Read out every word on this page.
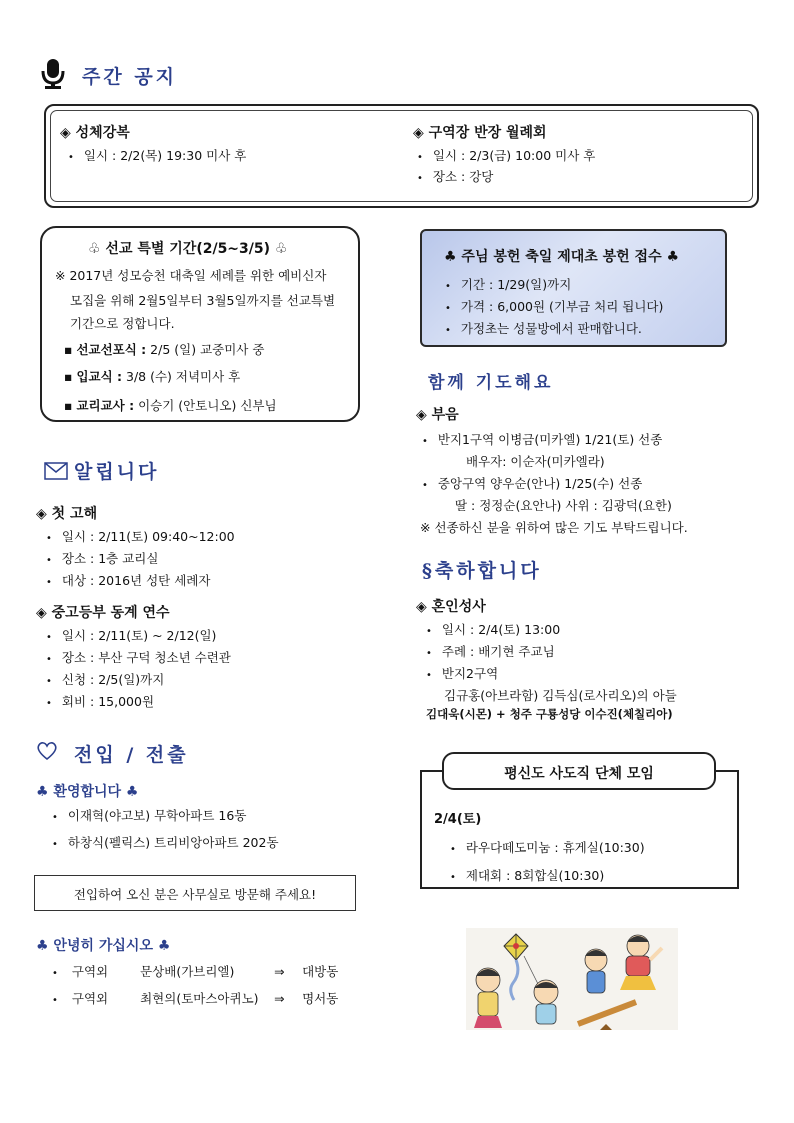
주간 공지
◈ 성체강복
• 일시 : 2/2(목) 19:30 미사 후
◈ 구역장 반장 월례회
• 일시 : 2/3(금) 10:00 미사 후
• 장소 : 강당
♧ 선교 특별 기간(2/5~3/5) ♧
※ 2017년 성모승천 대축일 세례를 위한 예비신자
모집을 위해 2월5일부터 3월5일까지를 선교특별
기간으로 정합니다.
▪ 선교선포식 : 2/5 (일) 교중미사 중
▪ 입교식 : 3/8 (수) 저녁미사 후
▪ 교리교사 : 이승기 (안토니오) 신부님
♣ 주님 봉헌 축일 제대초 봉헌 접수 ♣
• 기간 : 1/29(일)까지
• 가격 : 6,000원 (기부금 처리 됩니다)
• 가정초는 성물방에서 판매합니다.
함께 기도해요
◈ 부음
• 반지1구역 이병금(미카엘) 1/21(토) 선종
배우자: 이순자(미카엘라)
• 중앙구역 양우순(안나) 1/25(수) 선종
딸 : 정정순(요안나) 사위 : 김광덕(요한)
※ 선종하신 분을 위하여 많은 기도 부탁드립니다.
알립니다
◈ 첫 고해
• 일시 : 2/11(토) 09:40~12:00
• 장소 : 1층 교리실
• 대상 : 2016년 성탄 세례자
◈ 중고등부 동계 연수
• 일시 : 2/11(토) ~ 2/12(일)
• 장소 : 부산 구덕 청소년 수련관
• 신청 : 2/5(일)까지
• 회비 : 15,000원
§축하합니다
◈ 혼인성사
• 일시 : 2/4(토) 13:00
• 주례 : 배기현 주교님
• 반지2구역
김규홍(아브라함) 김득심(로사리오)의 아들
김대욱(시몬) + 청주 구룡성당 이수진(체칠리아)
전입 / 전출
♣ 환영합니다 ♣
• 이재혁(야고보) 무학아파트 16동
• 하창식(펠릭스) 트리비앙아파트 202동
전입하여 오신 분은 사무실로 방문해 주세요!
♣ 안녕히 가십시오 ♣
• 구역외	문상배(가브리엘)	⇒ 대방동
• 구역외	최현의(토마스아퀴노) ⇒ 명서동
평신도 사도직 단체 모임
2/4(토)
• 라우다떼도미눔 : 휴게실(10:30)
• 제대회 : 8회합실(10:30)
